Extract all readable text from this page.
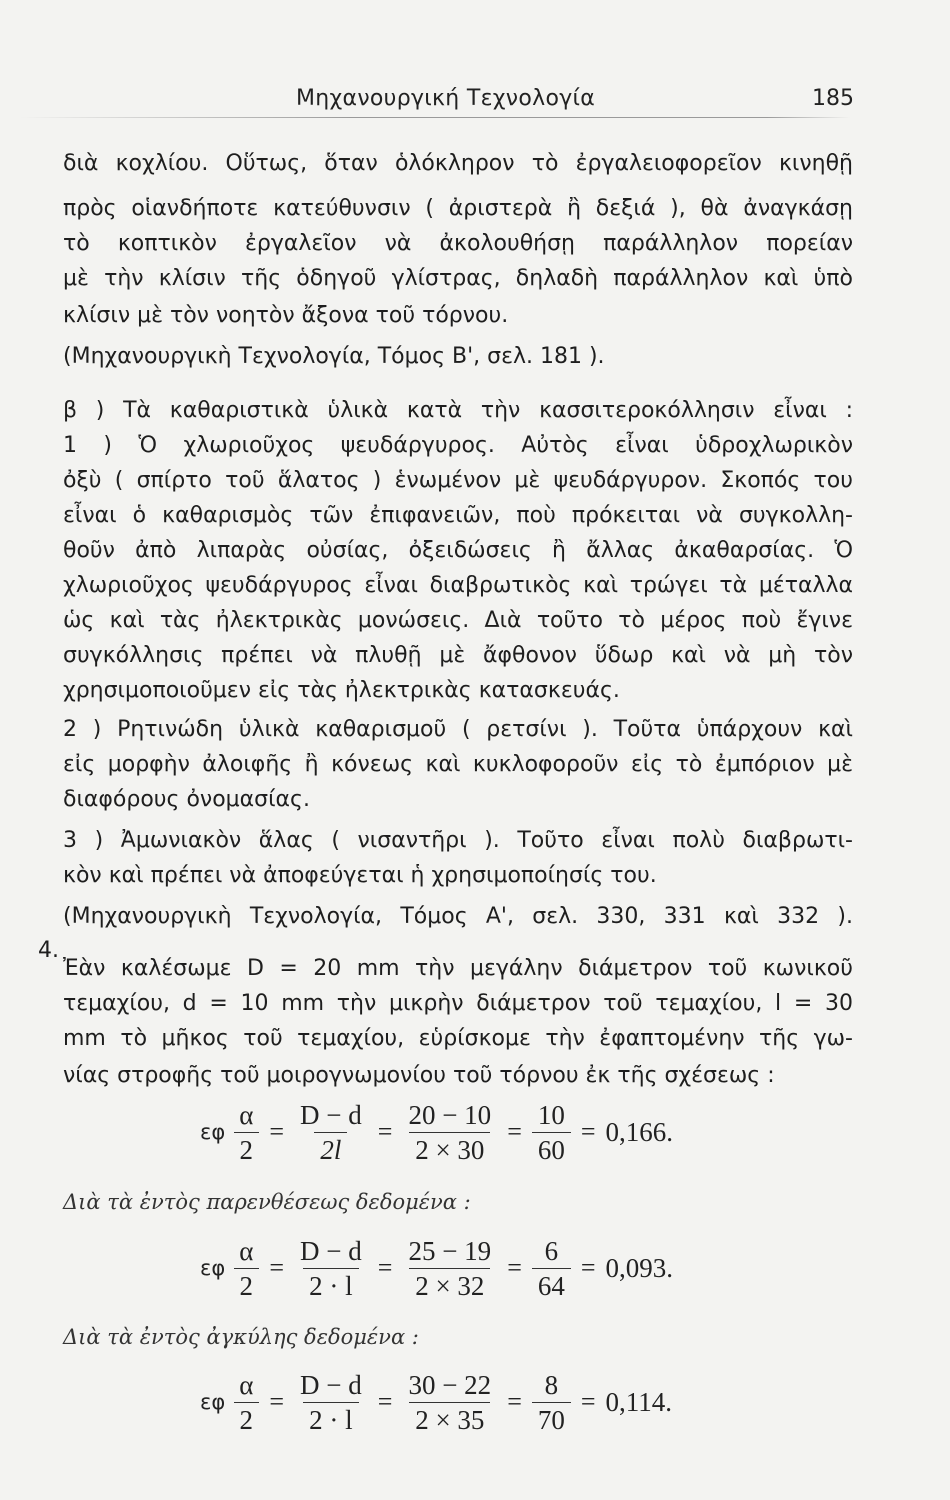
Μηχανουργική Τεχνολογία	185
διὰ κοχλίου. Οὕτως, ὅταν ὁλόκληρον τὸ ἐργαλειοφορεῖον κινηθῇ
πρὸς οἱανδήποτε κατεύθυνσιν ( ἀριστερὰ ἢ δεξιά ), θὰ ἀναγκάσῃ
τὸ κοπτικὸν ἐργαλεῖον νὰ ἀκολουθήσῃ παράλληλον πορείαν
μὲ τὴν κλίσιν τῆς ὁδηγοῦ γλίστρας, δηλαδὴ παράλληλον καὶ ὑπὸ
κλίσιν μὲ τὸν νοητὸν ἄξονα τοῦ τόρνου.
(Μηχανουργικὴ Τεχνολογία, Τόμος Β', σελ. 181 ).
β ) Τὰ καθαριστικὰ ὑλικὰ κατὰ τὴν κασσιτεροκόλλησιν εἶναι :
1 ) Ὁ χλωριοῦχος ψευδάργυρος. Αὐτὸς εἶναι ὑδροχλωρικὸν
ὀξὺ ( σπίρτο τοῦ ἅλατος ) ἑνωμένον μὲ ψευδάργυρον. Σκοπός του
εἶναι ὁ καθαρισμὸς τῶν ἐπιφανειῶν, ποὺ πρόκειται νὰ συγκολλη-
θοῦν ἀπὸ λιπαρὰς οὐσίας, ὀξειδώσεις ἢ ἄλλας ἀκαθαρσίας. Ὁ
χλωριοῦχος ψευδάργυρος εἶναι διαβρωτικὸς καὶ τρώγει τὰ μέταλλα
ὡς καὶ τὰς ἠλεκτρικὰς μονώσεις. Διὰ τοῦτο τὸ μέρος ποὺ ἔγινε
συγκόλλησις πρέπει νὰ πλυθῇ μὲ ἄφθονον ὕδωρ καὶ νὰ μὴ τὸν
χρησιμοποιοῦμεν εἰς τὰς ἠλεκτρικὰς κατασκευάς.
2 ) Ρητινώδη ὑλικὰ καθαρισμοῦ ( ρετσίνι ). Τοῦτα ὑπάρχουν καὶ
εἰς μορφὴν ἀλοιφῆς ἢ κόνεως καὶ κυκλοφοροῦν εἰς τὸ ἐμπόριον μὲ
διαφόρους ὀνομασίας.
3 ) Ἀμωνιακὸν ἅλας ( νισαντῆρι ). Τοῦτο εἶναι πολὺ διαβρωτι-
κὸν καὶ πρέπει νὰ ἀποφεύγεται ἡ χρησιμοποίησίς του.
(Μηχανουργικὴ Τεχνολογία, Τόμος Α', σελ. 330, 331 καὶ 332 ).
4.
Ἐὰν καλέσωμε D = 20 mm τὴν μεγάλην διάμετρον τοῦ κωνικοῦ
τεμαχίου, d = 10 mm τὴν μικρὴν διάμετρον τοῦ τεμαχίου, l = 30
mm τὸ μῆκος τοῦ τεμαχίου, εὑρίσκομε τὴν ἐφαπτομένην τῆς γω-
νίας στροφῆς τοῦ μοιρογνωμονίου τοῦ τόρνου ἐκ τῆς σχέσεως :
εφ $\frac{\alpha}{2} = \frac{D - d}{2l} = \frac{20 - 10}{2 \times 30} = \frac{10}{60} = 0,166$.
Διὰ τὰ ἐντὸς παρενθέσεως δεδομένα :
εφ $\frac{\alpha}{2} = \frac{D - d}{2 \cdot l} = \frac{25 - 19}{2 \times 32} = \frac{6}{64} = 0,093$.
Διὰ τὰ ἐντὸς ἀγκύλης δεδομένα :
εφ $\frac{\alpha}{2} = \frac{D - d}{2 \cdot l} = \frac{30 - 22}{2 \times 35} = \frac{8}{70} = 0,114$.
